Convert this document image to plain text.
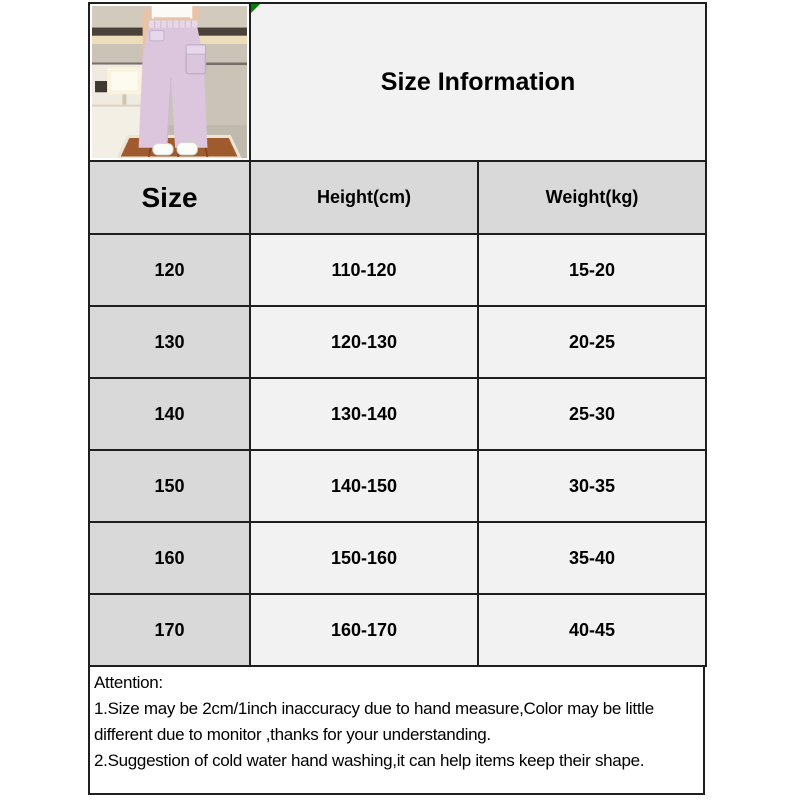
Size Information	
Size	Height(cm)	Weight(kg)
120	110-120	15-20
130	120-130	20-25
140	130-140	25-30
150	140-150	30-35
160	150-160	35-40
170	160-170	40-45
Attention:
1.Size may be 2cm/1inch inaccuracy due to hand measure,Color may be little
different due to monitor ,thanks for your understanding.
2.Suggestion of cold water hand washing,it can help items keep their shape.
